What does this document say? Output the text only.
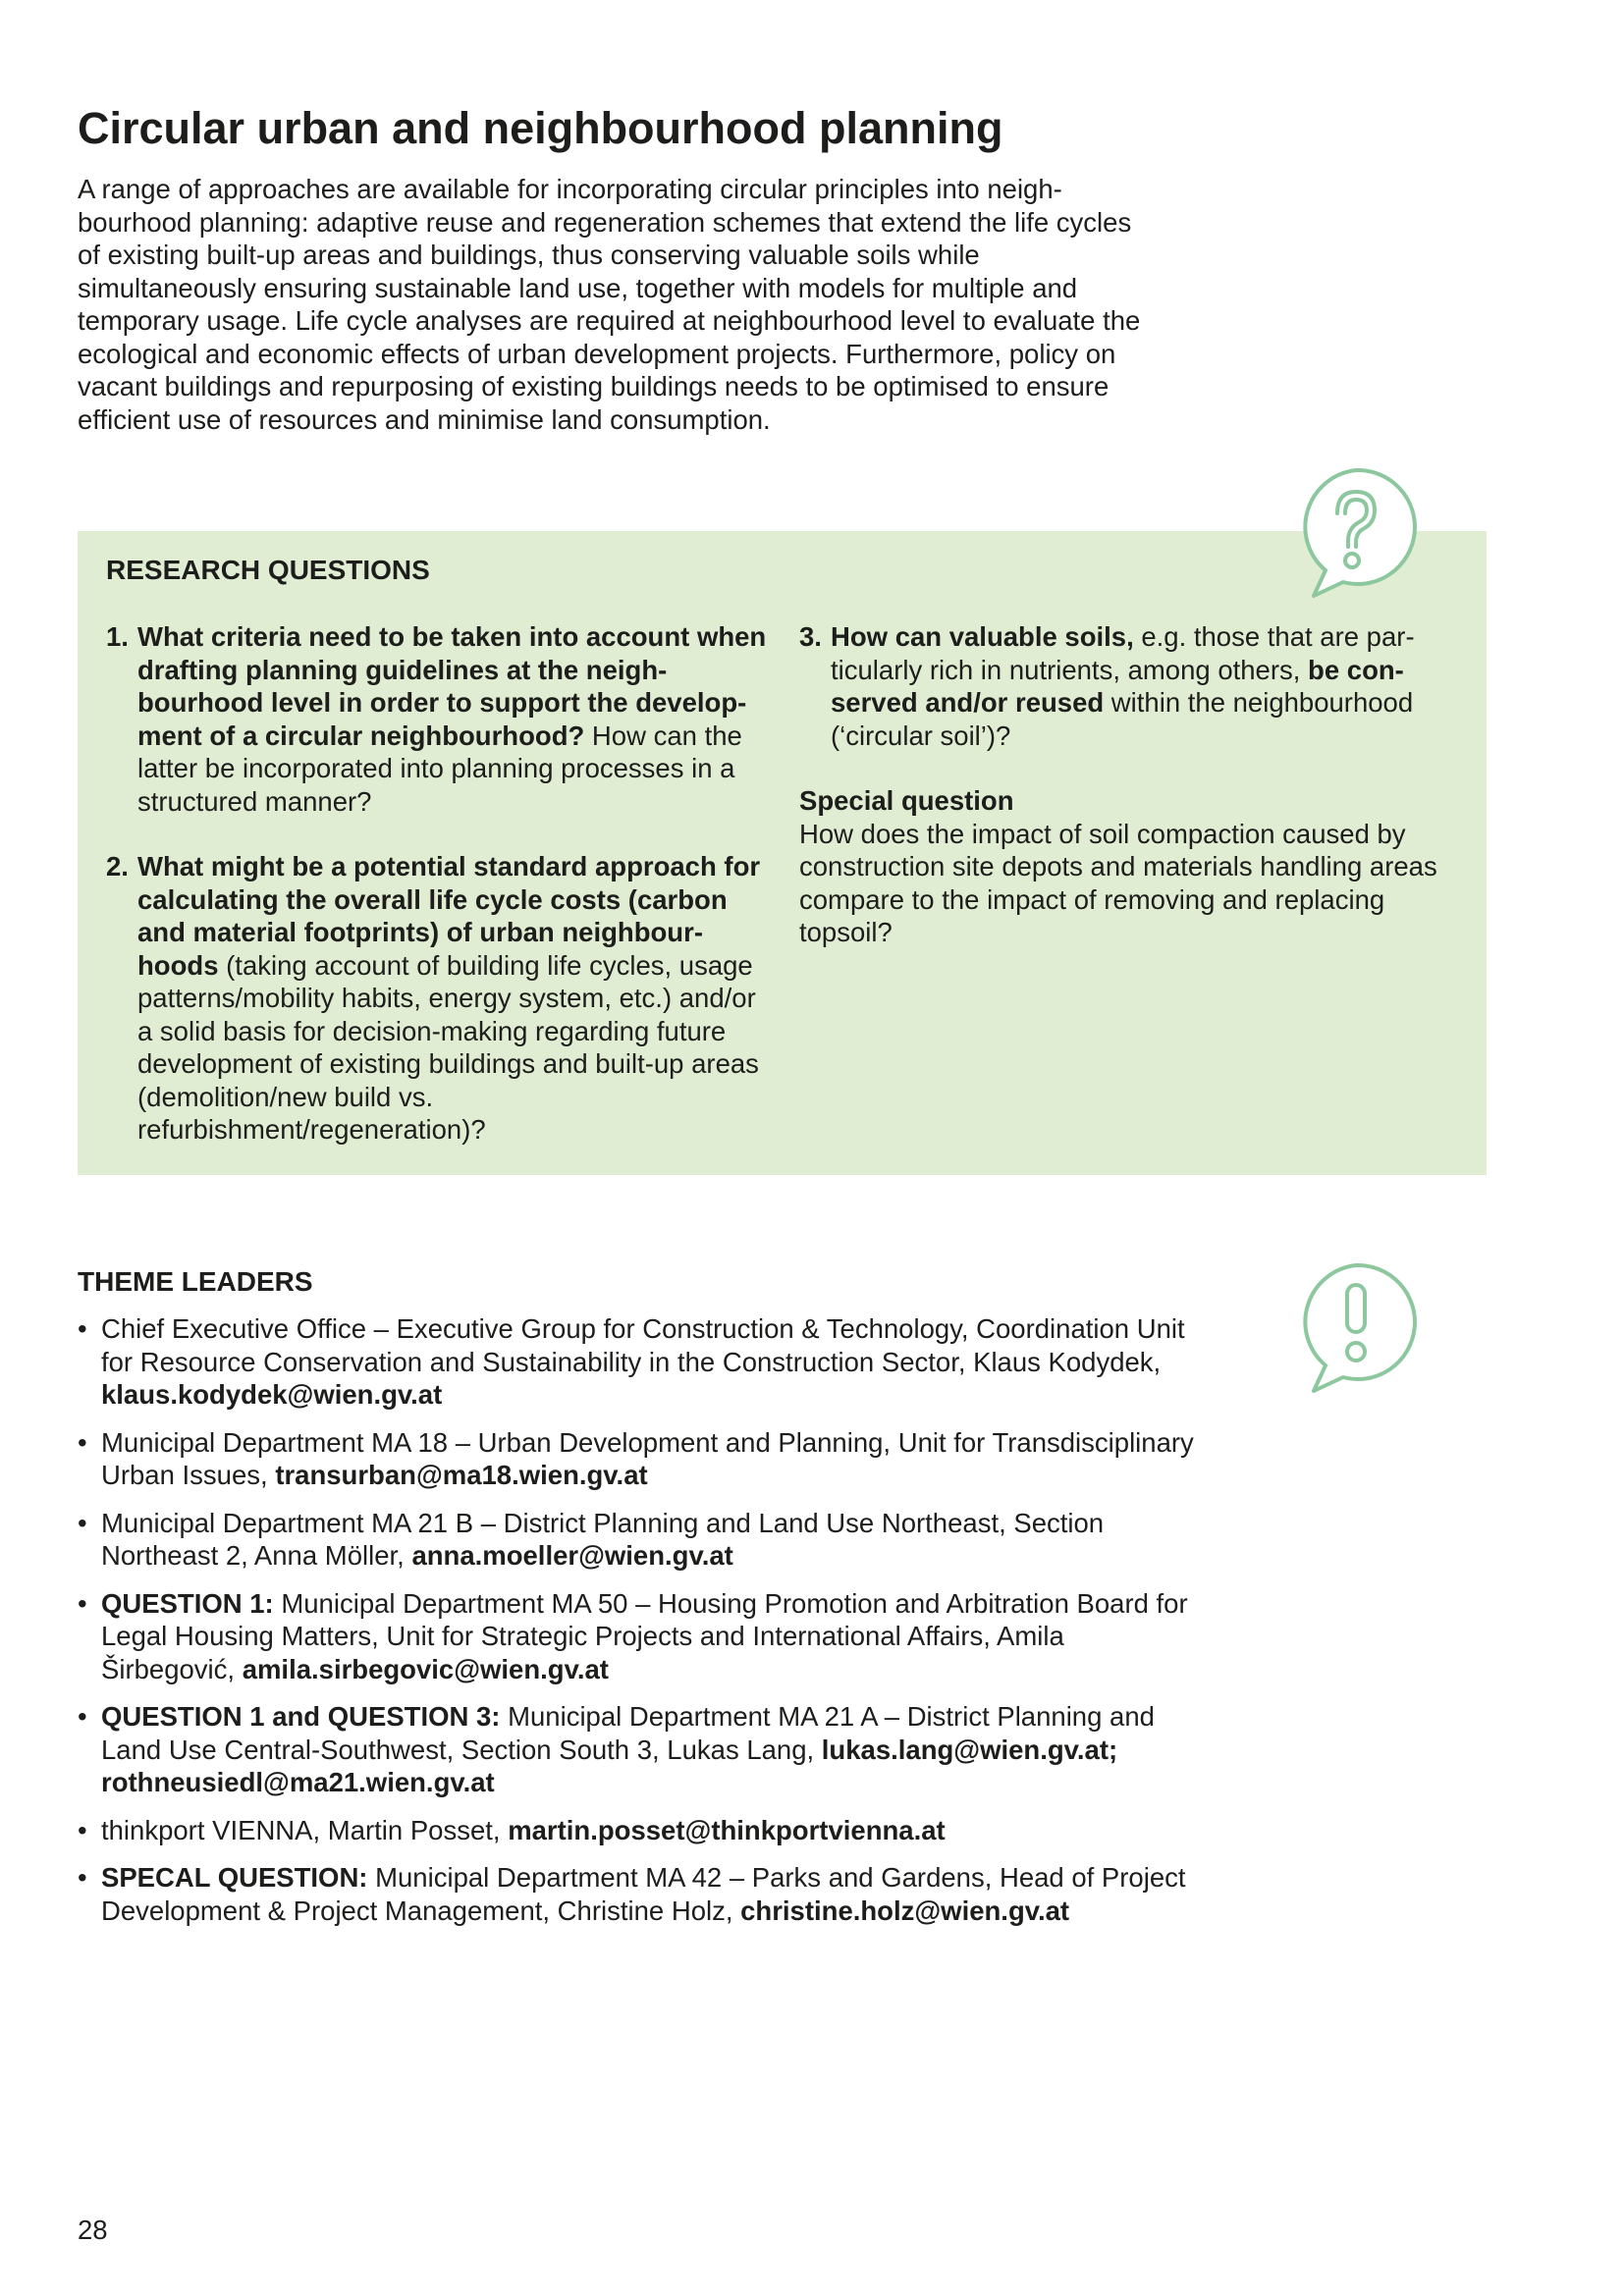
Circular urban and neighbourhood planning

A range of approaches are available for incorporating circular principles into neighbourhood planning: adaptive reuse and regeneration schemes that extend the life cycles of existing built-up areas and buildings, thus conserving valuable soils while simultaneously ensuring sustainable land use, together with models for multiple and temporary usage. Life cycle analyses are required at neighbourhood level to evaluate the ecological and economic effects of urban development projects. Furthermore, policy on vacant buildings and repurposing of existing buildings needs to be optimised to ensure efficient use of resources and minimise land consumption.

RESEARCH QUESTIONS
1. What criteria need to be taken into account when drafting planning guidelines at the neighbourhood level in order to support the development of a circular neighbourhood? How can the latter be incorporated into planning processes in a structured manner?
2. What might be a potential standard approach for calculating the overall life cycle costs (carbon and material footprints) of urban neighbourhoods (taking account of building life cycles, usage patterns/mobility habits, energy system, etc.) and/or a solid basis for decision-making regarding future development of existing buildings and built-up areas (demolition/new build vs. refurbishment/regeneration)?
3. How can valuable soils, e.g. those that are particularly rich in nutrients, among others, be conserved and/or reused within the neighbourhood (‘circular soil’)?
Special question
How does the impact of soil compaction caused by construction site depots and materials handling areas compare to the impact of removing and replacing topsoil?
THEME LEADERS
• Chief Executive Office – Executive Group for Construction & Technology, Coordination Unit for Resource Conservation and Sustainability in the Construction Sector, Klaus Kodydek, klaus.kodydek@wien.gv.at
• Municipal Department MA 18 – Urban Development and Planning, Unit for Transdisciplinary Urban Issues, transurban@ma18.wien.gv.at
• Municipal Department MA 21 B – District Planning and Land Use Northeast, Section Northeast 2, Anna Möller, anna.moeller@wien.gv.at
• QUESTION 1: Municipal Department MA 50 – Housing Promotion and Arbitration Board for Legal Housing Matters, Unit for Strategic Projects and International Affairs, Amila Širbegović, amila.sirbegovic@wien.gv.at
• QUESTION 1 and QUESTION 3: Municipal Department MA 21 A – District Planning and Land Use Central-Southwest, Section South 3, Lukas Lang, lukas.lang@wien.gv.at; rothneusiedl@ma21.wien.gv.at
• thinkport VIENNA, Martin Posset, martin.posset@thinkportvienna.at
• SPECAL QUESTION: Municipal Department MA 42 – Parks and Gardens, Head of Project Development & Project Management, Christine Holz, christine.holz@wien.gv.at

28
